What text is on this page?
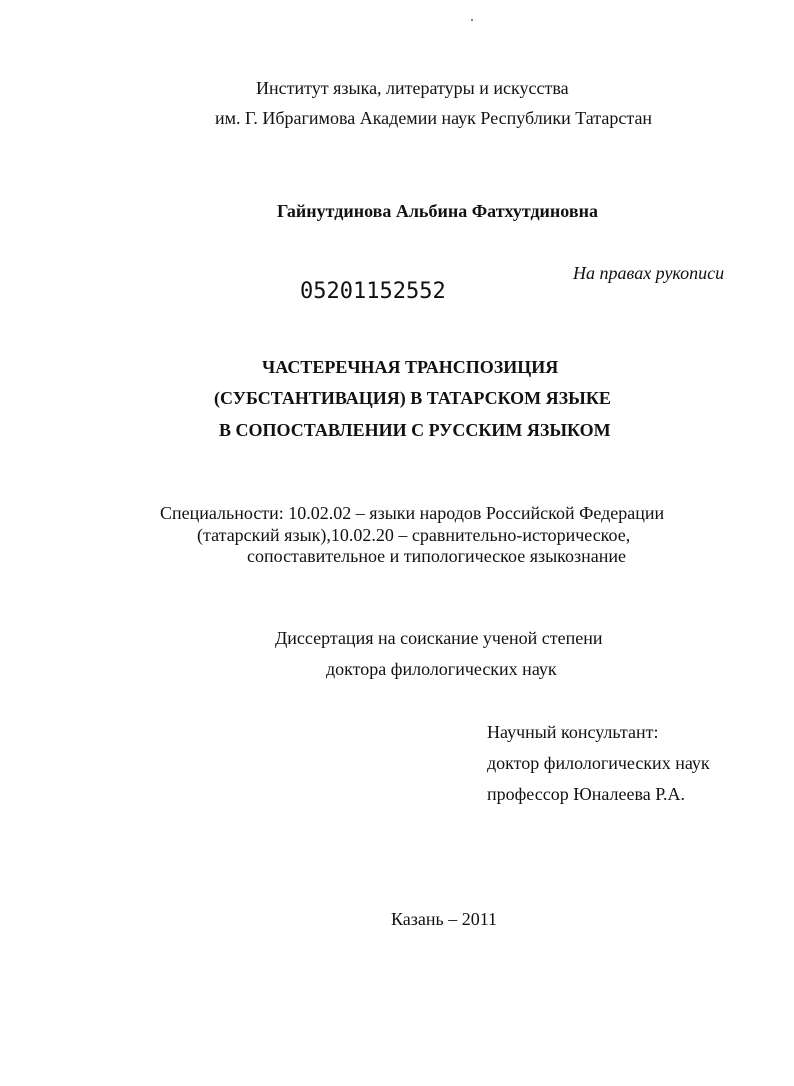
Институт языка, литературы и искусства
им. Г. Ибрагимова Академии наук Республики Татарстан
Гайнутдинова Альбина Фатхутдиновна
На правах рукописи
05201152552
ЧАСТЕРЕЧНАЯ ТРАНСПОЗИЦИЯ
(СУБСТАНТИВАЦИЯ) В ТАТАРСКОМ ЯЗЫКЕ
В СОПОСТАВЛЕНИИ С РУССКИМ ЯЗЫКОМ
Специальности: 10.02.02 – языки народов Российской Федерации
(татарский язык),10.02.20 – сравнительно-историческое,
сопоставительное и типологическое языкознание
Диссертация на соискание ученой степени
доктора филологических наук
Научный консультант:
доктор филологических наук
профессор Юналеева Р.А.
Казань – 2011
